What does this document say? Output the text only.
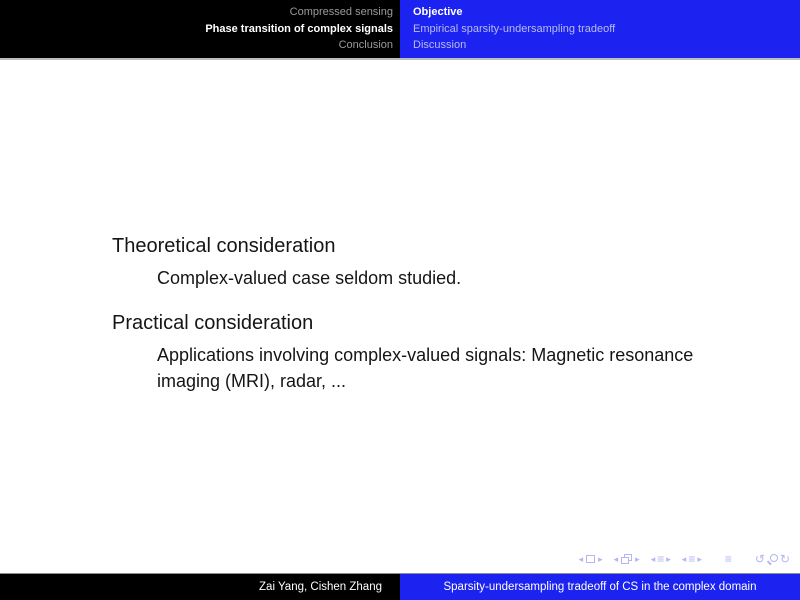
Compressed sensing
Phase transition of complex signals
Conclusion
Objective
Empirical sparsity-undersampling tradeoff
Discussion

Theoretical consideration

Complex-valued case seldom studied.

Practical consideration

Applications involving complex-valued signals: Magnetic resonance imaging (MRI), radar, ...

◂ ▸ ◂ ▸ ◂ ≡ ▸ ◂ ≡ ▸ ≡ ↺ ↻
Zai Yang, Cishen Zhang	Sparsity-undersampling tradeoff of CS in the complex domain
